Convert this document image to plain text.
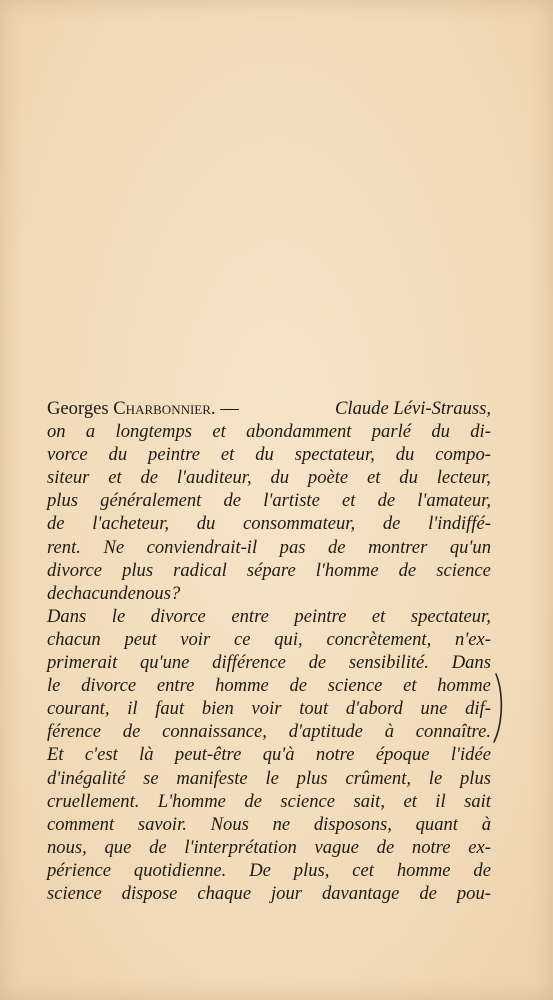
Georges Charbonnier. —	Claude Lévi-Strauss,
on a longtemps et abondamment parlé du di-
vorce du peintre et du spectateur, du compo-
siteur et de l'auditeur, du poète et du lecteur,
plus généralement de l'artiste et de l'amateur,
de l'acheteur, du consommateur, de l'indiffé-
rent. Ne conviendrait-il pas de montrer qu'un
divorce plus radical sépare l'homme de science
de chacun de nous ?
Dans le divorce entre peintre et spectateur,
chacun peut voir ce qui, concrètement, n'ex-
primerait qu'une différence de sensibilité. Dans
le divorce entre homme de science et homme
courant, il faut bien voir tout d'abord une dif-
férence de connaissance, d'aptitude à connaître.
Et c'est là peut-être qu'à notre époque l'idée
d'inégalité se manifeste le plus crûment, le plus
cruellement. L'homme de science sait, et il sait
comment savoir. Nous ne disposons, quant à
nous, que de l'interprétation vague de notre ex-
périence quotidienne. De plus, cet homme de
science dispose chaque jour davantage de pou-
